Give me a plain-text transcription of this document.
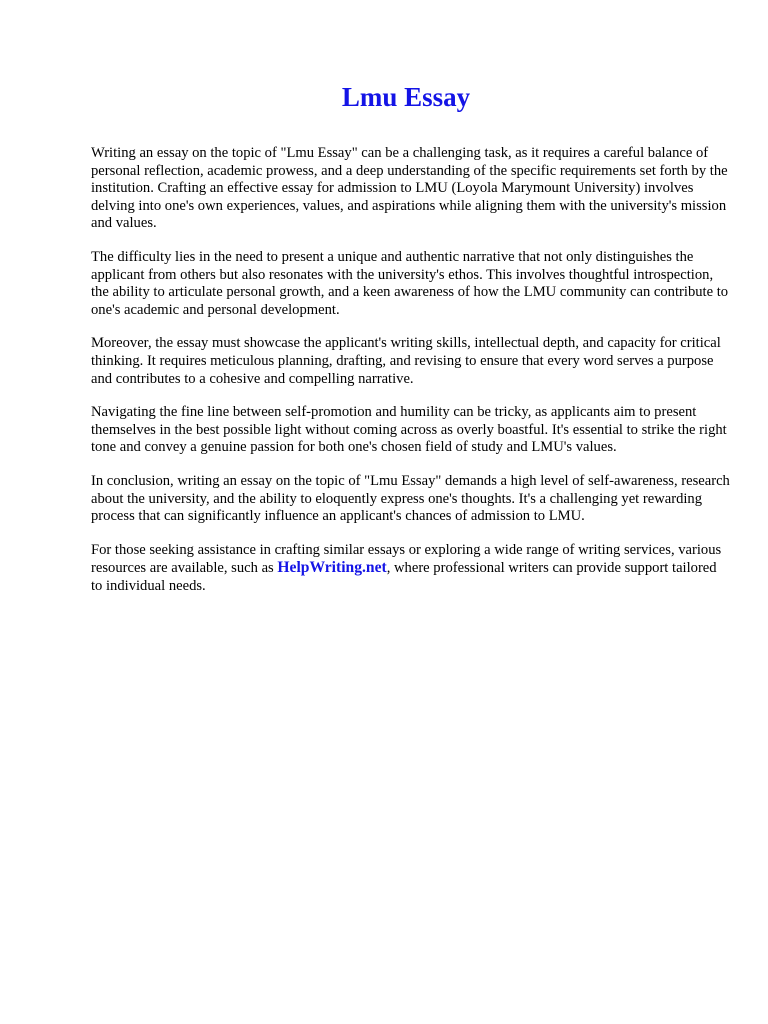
Lmu Essay

Writing an essay on the topic of "Lmu Essay" can be a challenging task, as it requires a careful balance of personal reflection, academic prowess, and a deep understanding of the specific requirements set forth by the institution. Crafting an effective essay for admission to LMU (Loyola Marymount University) involves delving into one's own experiences, values, and aspirations while aligning them with the university's mission and values.

The difficulty lies in the need to present a unique and authentic narrative that not only distinguishes the applicant from others but also resonates with the university's ethos. This involves thoughtful introspection, the ability to articulate personal growth, and a keen awareness of how the LMU community can contribute to one's academic and personal development.

Moreover, the essay must showcase the applicant's writing skills, intellectual depth, and capacity for critical thinking. It requires meticulous planning, drafting, and revising to ensure that every word serves a purpose and contributes to a cohesive and compelling narrative.

Navigating the fine line between self-promotion and humility can be tricky, as applicants aim to present themselves in the best possible light without coming across as overly boastful. It's essential to strike the right tone and convey a genuine passion for both one's chosen field of study and LMU's values.

In conclusion, writing an essay on the topic of "Lmu Essay" demands a high level of self-awareness, research about the university, and the ability to eloquently express one's thoughts. It's a challenging yet rewarding process that can significantly influence an applicant's chances of admission to LMU.

For those seeking assistance in crafting similar essays or exploring a wide range of writing services, various resources are available, such as HelpWriting.net, where professional writers can provide support tailored to individual needs.
